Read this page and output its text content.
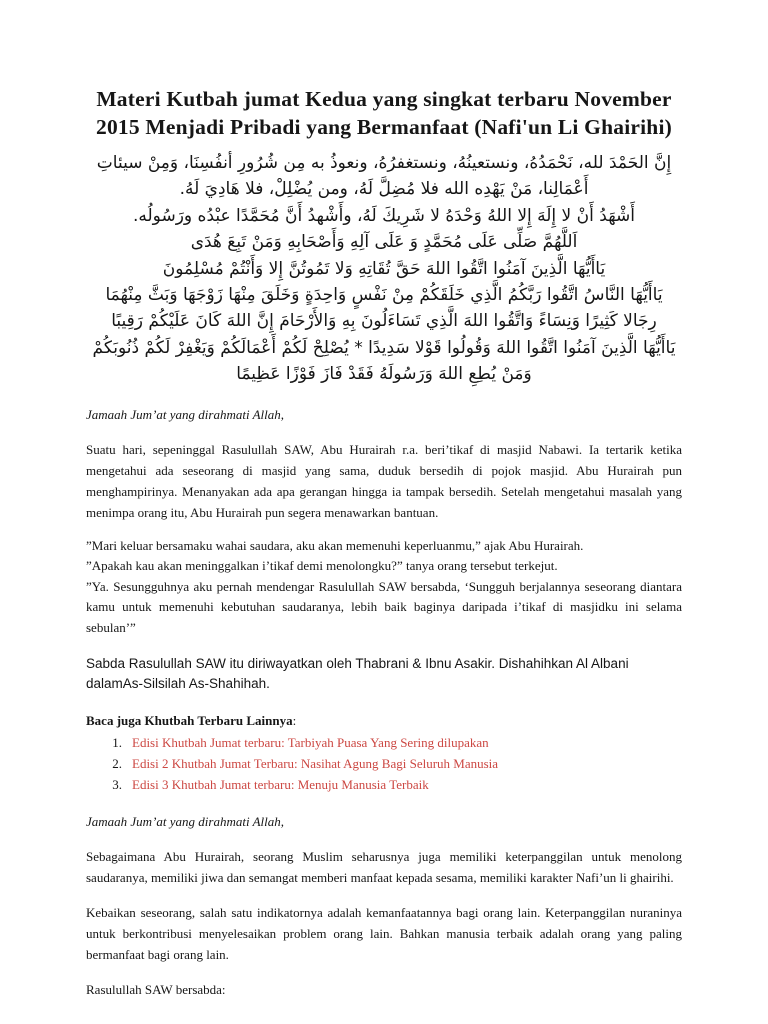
Materi Kutbah jumat Kedua yang singkat terbaru November 2015 Menjadi Pribadi yang Bermanfaat (Nafi'un Li Ghairihi)
إِنَّ الحَمْدَ لله، نَحْمَدُهُ، ونستعينُهُ، ونستغفرُهُ، ونعوذُ به مِن شُرُورِ أنفُسِنَا، وَمِنْ سيئاتِ
أَعْمَالِنا، مَنْ يَهْدِه الله فلا مُضِلَّ لَهُ، ومن يُضْلِلْ، فلا هَادِيَ لَهُ.
أَشْهَدُ أَنْ لا إِلَهَ إِلا اللهُ وَحْدَهُ لا شَرِيكَ لَهُ، وأَشْهدُ أَنَّ مُحَمَّدًا عبْدُه ورَسُولُه.
اَللَّهُمَّ صَلِّى عَلَى مُحَمَّدٍ وَ عَلَى آلِهِ وَأَصْحَابِهِ وَمَنْ تَبِعَ هُدَى
يَاأَيُّهَا الَّذِينَ آمَنُوا اتَّقُوا اللهَ حَقَّ تُقَاتِهِ وَلا تَمُوتُنَّ إِلا وَأَنْتُمْ مُسْلِمُونَ
يَاأَيُّهَا النَّاسُ اتَّقُوا رَبَّكُمُ الَّذِي خَلَقَكُمْ مِنْ نَفْسٍ وَاحِدَةٍ وَخَلَقَ مِنْهَا زَوْجَهَا وَبَثَّ مِنْهُمَا
رِجَالا كَثِيرًا وَنِسَاءً وَاتَّقُوا اللهَ الَّذِي تَسَاءَلُونَ بِهِ وَالأَرْحَامَ إِنَّ اللهَ كَانَ عَلَيْكُمْ رَقِيبًا
يَاأَيُّهَا الَّذِينَ آمَنُوا اتَّقُوا اللهَ وَقُولُوا قَوْلا سَدِيدًا * يُصْلِحْ لَكُمْ أَعْمَالَكُمْ وَيَغْفِرْ لَكُمْ ذُنُوبَكُمْ
وَمَنْ يُطِعِ اللهَ وَرَسُولَهُ فَقَدْ فَازَ فَوْزًا عَظِيمًا

Jamaah Jum’at yang dirahmati Allah,

Suatu hari, sepeninggal Rasulullah SAW, Abu Hurairah r.a. beri’tikaf di masjid Nabawi. Ia tertarik ketika mengetahui ada seseorang di masjid yang sama, duduk bersedih di pojok masjid. Abu Hurairah pun menghampirinya. Menanyakan ada apa gerangan hingga ia tampak bersedih. Setelah mengetahui masalah yang menimpa orang itu, Abu Hurairah pun segera menawarkan bantuan.

”Mari keluar bersamaku wahai saudara, aku akan memenuhi keperluanmu,” ajak Abu Hurairah.
”Apakah kau akan meninggalkan i’tikaf demi menolongku?” tanya orang tersebut terkejut.
”Ya. Sesungguhnya aku pernah mendengar Rasulullah SAW bersabda, ‘Sungguh berjalannya seseorang diantara kamu untuk memenuhi kebutuhan saudaranya, lebih baik baginya daripada i’tikaf di masjidku ini selama sebulan’”

Sabda Rasulullah SAW itu diriwayatkan oleh Thabrani & Ibnu Asakir. Dishahihkan Al Albani dalamAs-Silsilah As-Shahihah.

Baca juga Khutbah Terbaru Lainnya:

1. Edisi Khutbah Jumat terbaru: Tarbiyah Puasa Yang Sering dilupakan
2. Edisi 2 Khutbah Jumat Terbaru: Nasihat Agung Bagi Seluruh Manusia
3. Edisi 3 Khutbah Jumat terbaru: Menuju Manusia Terbaik

Jamaah Jum’at yang dirahmati Allah,

Sebagaimana Abu Hurairah, seorang Muslim seharusnya juga memiliki keterpanggilan untuk menolong saudaranya, memiliki jiwa dan semangat memberi manfaat kepada sesama, memiliki karakter Nafi’un li ghairihi.

Kebaikan seseorang, salah satu indikatornya adalah kemanfaatannya bagi orang lain. Keterpanggilan nuraninya untuk berkontribusi menyelesaikan problem orang lain. Bahkan manusia terbaik adalah orang yang paling bermanfaat bagi orang lain.

Rasulullah SAW bersabda:
